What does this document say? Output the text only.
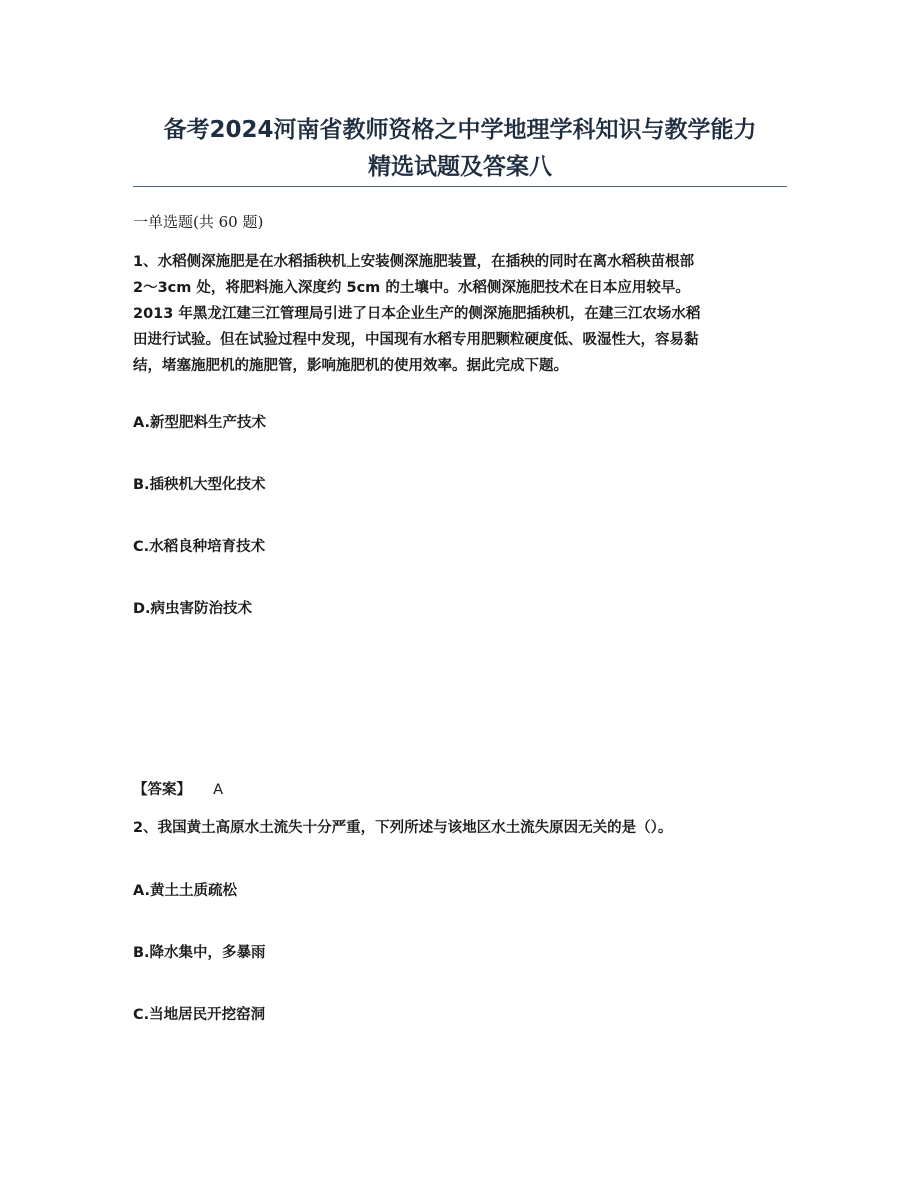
备考2024河南省教师资格之中学地理学科知识与教学能力
精选试题及答案八
一单选题(共 60 题)
1、水稻侧深施肥是在水稻插秧机上安装侧深施肥装置，在插秧的同时在离水稻秧苗根部
2～3cm 处，将肥料施入深度约 5cm 的土壤中。水稻侧深施肥技术在日本应用较早。
2013 年黑龙江建三江管理局引进了日本企业生产的侧深施肥插秧机，在建三江农场水稻
田进行试验。但在试验过程中发现，中国现有水稻专用肥颗粒硬度低、吸湿性大，容易黏
结，堵塞施肥机的施肥管，影响施肥机的使用效率。据此完成下题。
A.新型肥料生产技术
B.插秧机大型化技术
C.水稻良种培育技术
D.病虫害防治技术
【答案】 A
2、我国黄土高原水土流失十分严重，下列所述与该地区水土流失原因无关的是（）。
A.黄土土质疏松
B.降水集中，多暴雨
C.当地居民开挖窑洞
